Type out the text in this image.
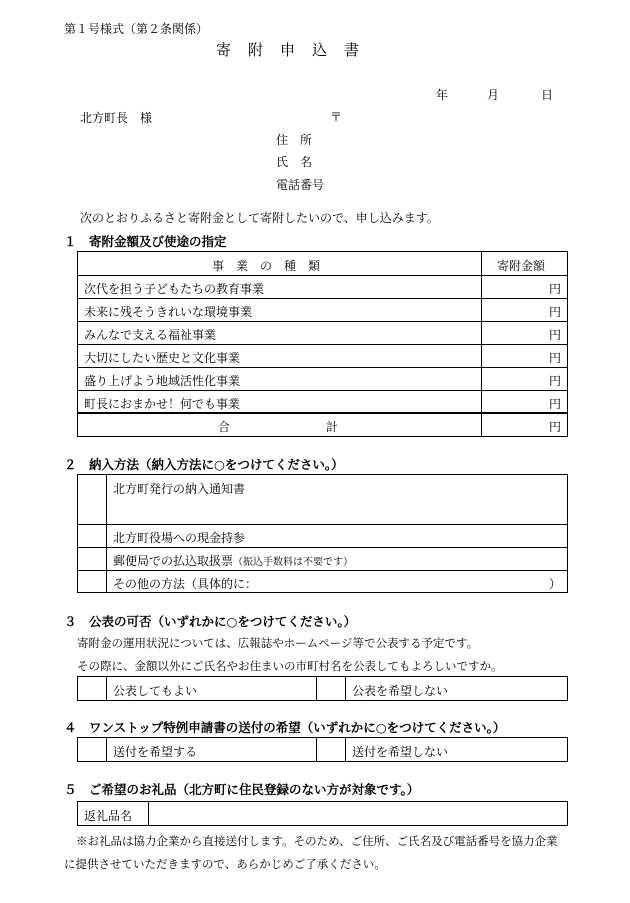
第１号様式（第２条関係）
寄　附　申　込　書
年	月	日
北方町長　様	〒
住　所
氏　名
電話番号
次のとおりふるさと寄附金として寄附したいので、申し込みます。
１　寄附金額及び使途の指定
事　業　の　種　類	寄附金額
次代を担う子どもたちの教育事業	円
未来に残そうきれいな環境事業	円
みんなで支える福祉事業	円
大切にしたい歴史と文化事業	円
盛り上げよう地域活性化事業	円
町長におまかせ！何でも事業	円
合　　　　　　　　計	円
２　納入方法（納入方法に○をつけてください。）
北方町発行の納入通知書
北方町役場への現金持参
郵便局での払込取扱票（振込手数料は不要です）
その他の方法（具体的に：	）
３　公表の可否（いずれかに○をつけてください。）
寄附金の運用状況については、広報誌やホームページ等で公表する予定です。
その際に、金額以外にご氏名やお住まいの市町村名を公表してもよろしいですか。
公表してもよい	公表を希望しない
４　ワンストップ特例申請書の送付の希望（いずれかに○をつけてください。）
送付を希望する	送付を希望しない
５　ご希望のお礼品（北方町に住民登録のない方が対象です。）
返礼品名
※お礼品は協力企業から直接送付します。そのため、ご住所、ご氏名及び電話番号を協力企業
に提供させていただきますので、あらかじめご了承ください。
